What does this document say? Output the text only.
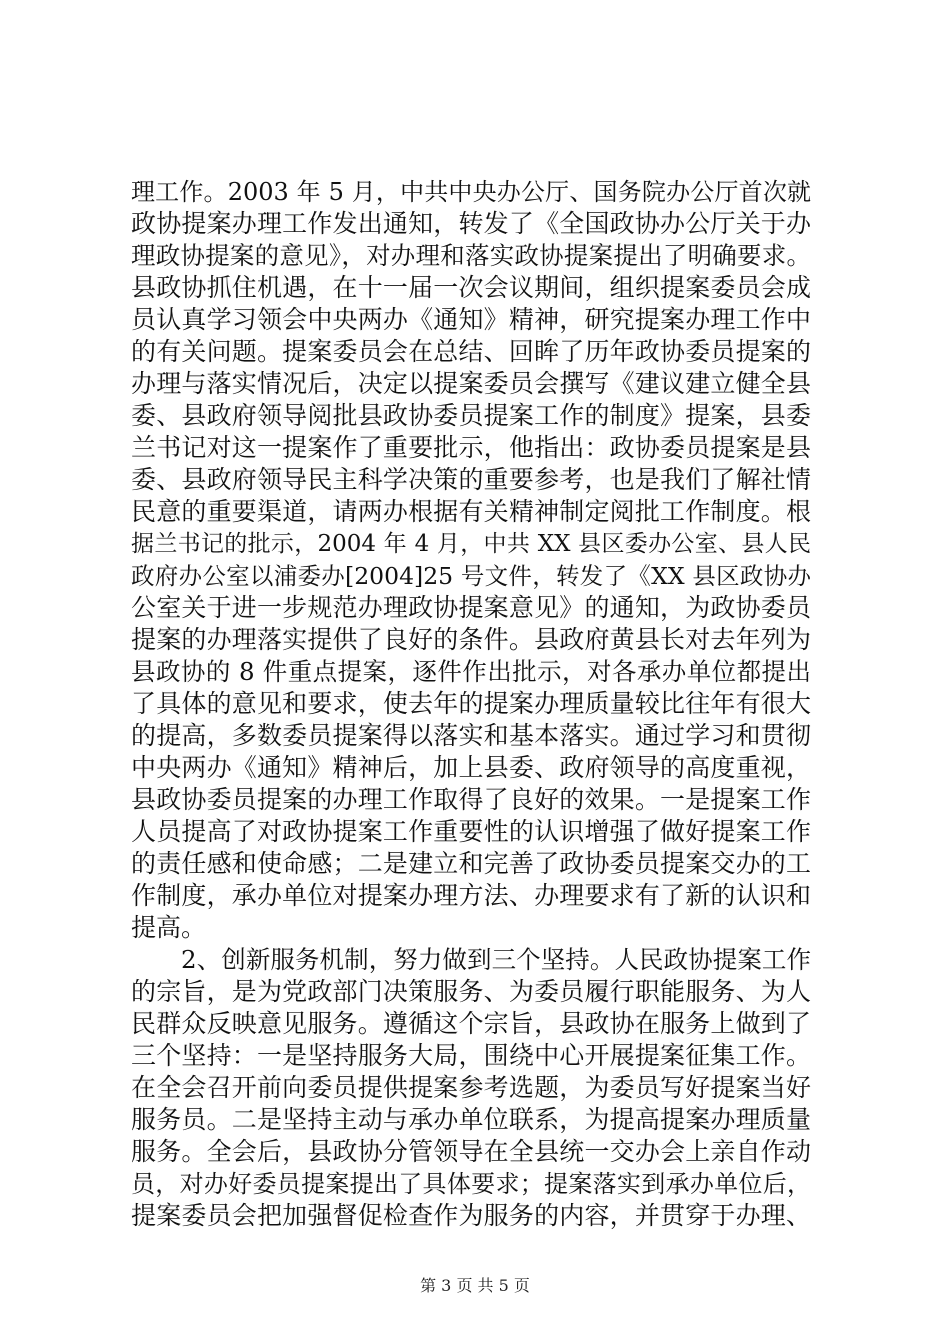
理工作。2003 年 5 月，中共中央办公厅、国务院办公厅首次就
政协提案办理工作发出通知，转发了《全国政协办公厅关于办
理政协提案的意见》，对办理和落实政协提案提出了明确要求。
县政协抓住机遇，在十一届一次会议期间，组织提案委员会成
员认真学习领会中央两办《通知》精神，研究提案办理工作中
的有关问题。提案委员会在总结、回眸了历年政协委员提案的
办理与落实情况后，决定以提案委员会撰写《建议建立健全县
委、县政府领导阅批县政协委员提案工作的制度》提案，县委
兰书记对这一提案作了重要批示，他指出：政协委员提案是县
委、县政府领导民主科学决策的重要参考，也是我们了解社情
民意的重要渠道，请两办根据有关精神制定阅批工作制度。根
据兰书记的批示，2004 年 4 月，中共 XX 县区委办公室、县人民
政府办公室以浦委办[2004]25 号文件，转发了《XX 县区政协办
公室关于进一步规范办理政协提案意见》的通知，为政协委员
提案的办理落实提供了良好的条件。县政府黄县长对去年列为
县政协的 8 件重点提案，逐件作出批示，对各承办单位都提出
了具体的意见和要求，使去年的提案办理质量较比往年有很大
的提高，多数委员提案得以落实和基本落实。通过学习和贯彻
中央两办《通知》精神后，加上县委、政府领导的高度重视，
县政协委员提案的办理工作取得了良好的效果。一是提案工作
人员提高了对政协提案工作重要性的认识增强了做好提案工作
的责任感和使命感；二是建立和完善了政协委员提案交办的工
作制度，承办单位对提案办理方法、办理要求有了新的认识和
提高。
2、创新服务机制，努力做到三个坚持。人民政协提案工作
的宗旨，是为党政部门决策服务、为委员履行职能服务、为人
民群众反映意见服务。遵循这个宗旨，县政协在服务上做到了
三个坚持：一是坚持服务大局，围绕中心开展提案征集工作。
在全会召开前向委员提供提案参考选题，为委员写好提案当好
服务员。二是坚持主动与承办单位联系，为提高提案办理质量
服务。全会后，县政协分管领导在全县统一交办会上亲自作动
员，对办好委员提案提出了具体要求；提案落实到承办单位后，
提案委员会把加强督促检查作为服务的内容，并贯穿于办理、
第 3 页 共 5 页
